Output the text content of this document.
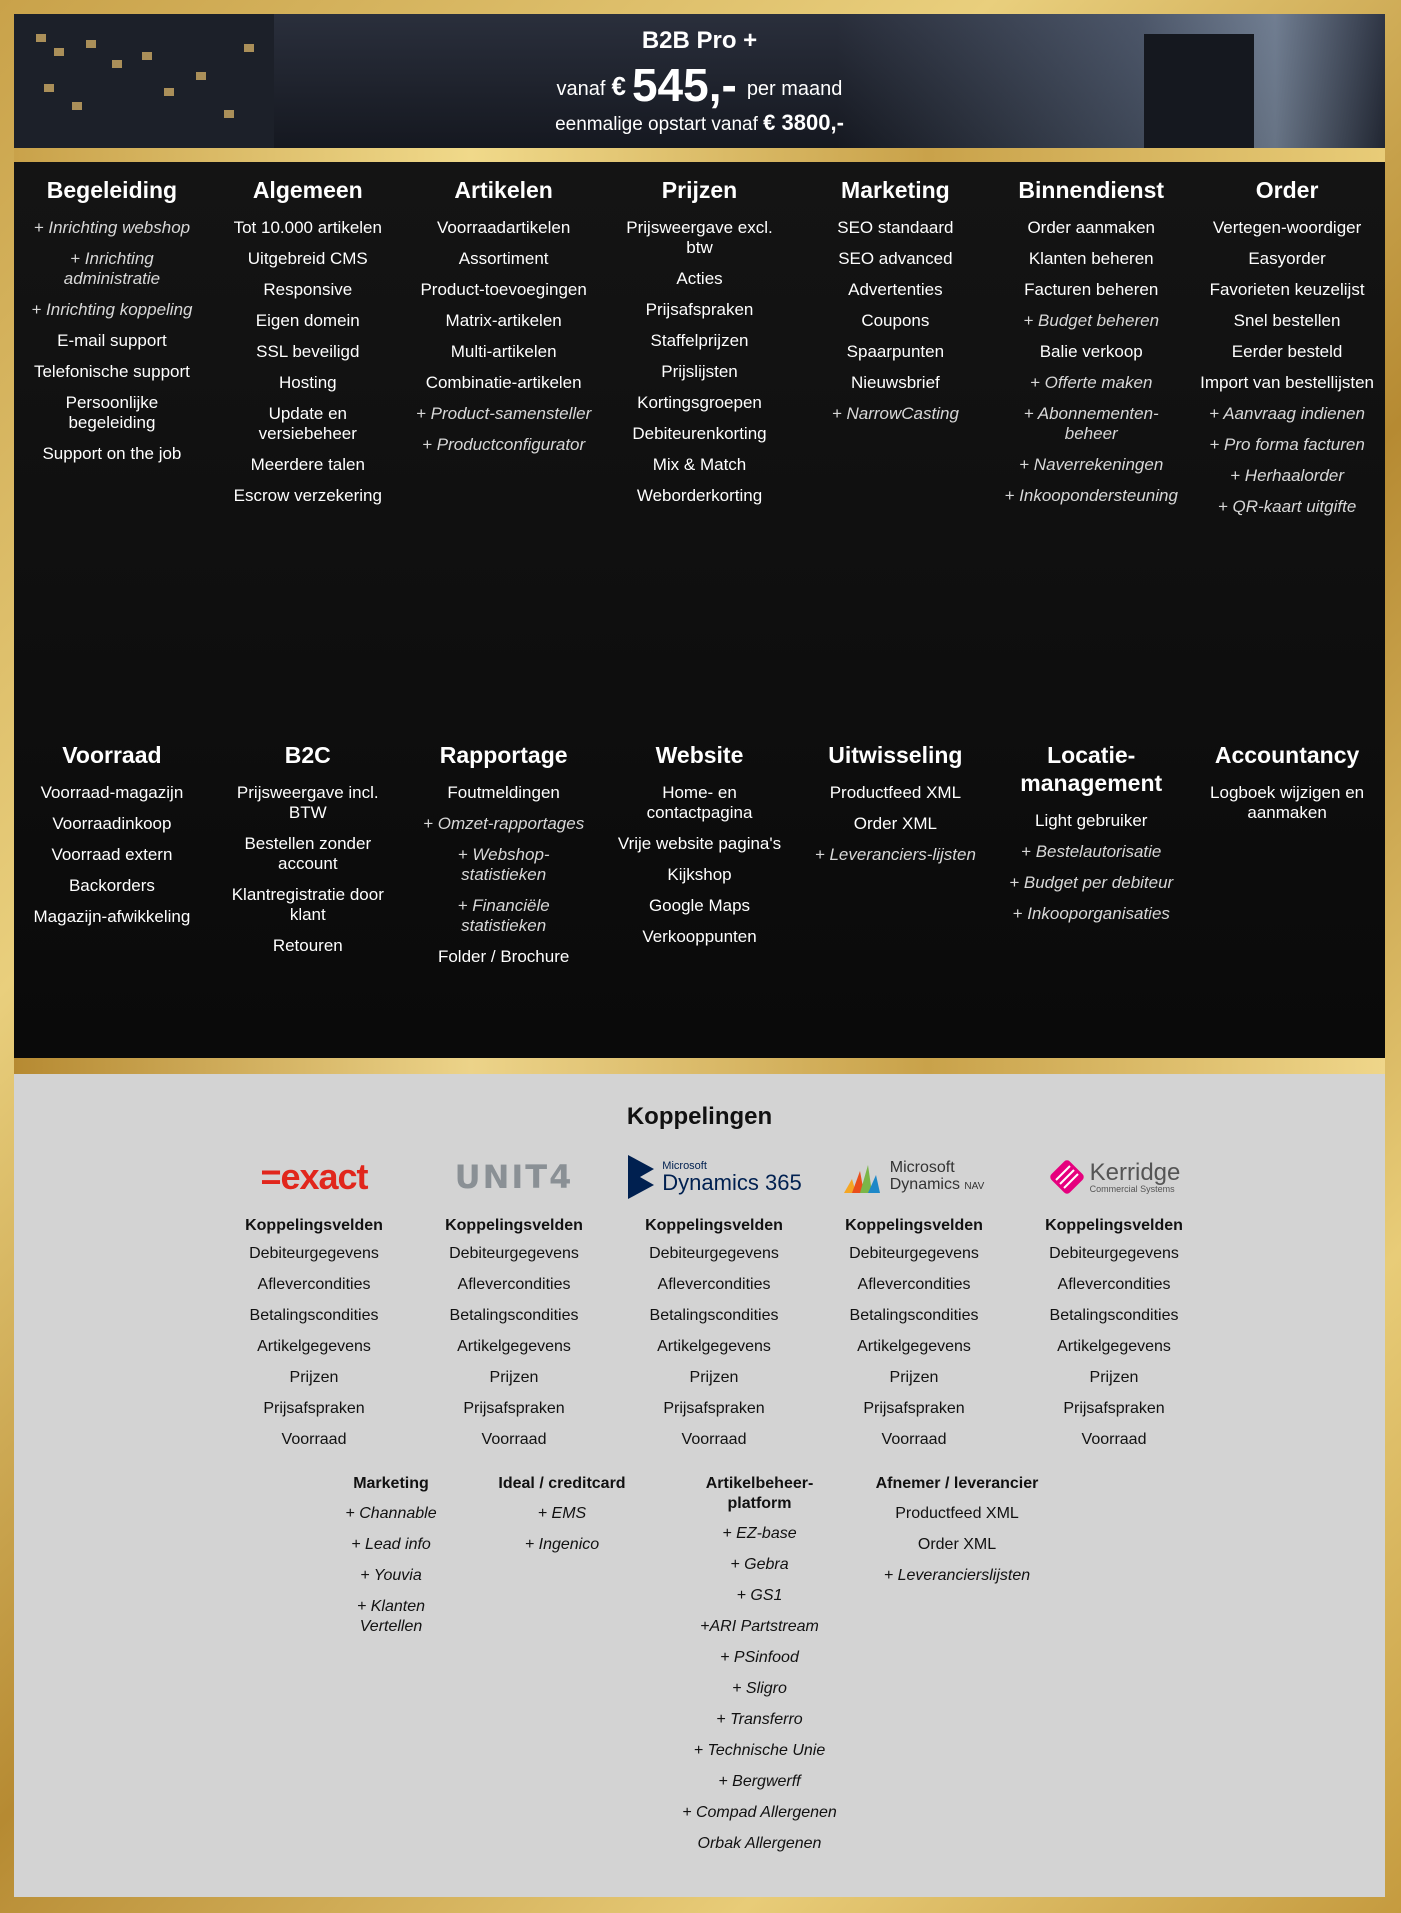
B2B Pro +
vanaf € 545,- per maand
eenmalige opstart vanaf € 3800,-
Begeleiding
+ Inrichting webshop
+ Inrichting administratie
+ Inrichting koppeling
E-mail support
Telefonische support
Persoonlijke begeleiding
Support on the job
Algemeen
Tot 10.000 artikelen
Uitgebreid CMS
Responsive
Eigen domein
SSL beveiligd
Hosting
Update en versiebeheer
Meerdere talen
Escrow verzekering
Artikelen
Voorraadartikelen
Assortiment
Product-toevoegingen
Matrix-artikelen
Multi-artikelen
Combinatie-artikelen
+ Product-samensteller
+ Productconfigurator
Prijzen
Prijsweergave excl. btw
Acties
Prijsafspraken
Staffelprijzen
Prijslijsten
Kortingsgroepen
Debiteurenkorting
Mix & Match
Weborderkorting
Marketing
SEO standaard
SEO advanced
Advertenties
Coupons
Spaarpunten
Nieuwsbrief
+ NarrowCasting
Binnendienst
Order aanmaken
Klanten beheren
Facturen beheren
+ Budget beheren
Balie verkoop
+ Offerte maken
+ Abonnementen-beheer
+ Naverrekeningen
+ Inkoopondersteuning
Order
Vertegen-woordiger
Easyorder
Favorieten keuzelijst
Snel bestellen
Eerder besteld
Import van bestellijsten
+ Aanvraag indienen
+ Pro forma facturen
+ Herhaalorder
+ QR-kaart uitgifte
Voorraad
Voorraad-magazijn
Voorraadinkoop
Voorraad extern
Backorders
Magazijn-afwikkeling
B2C
Prijsweergave incl. BTW
Bestellen zonder account
Klantregistratie door klant
Retouren
Rapportage
Foutmeldingen
+ Omzet-rapportages
+ Webshop-statistieken
+ Financiële statistieken
Folder / Brochure
Website
Home- en contactpagina
Vrije website pagina's
Kijkshop
Google Maps
Verkooppunten
Uitwisseling
Productfeed XML
Order XML
+ Leveranciers-lijsten
Locatie-management
Light gebruiker
+ Bestelautorisatie
+ Budget per debiteur
+ Inkooporganisaties
Accountancy
Logboek wijzigen en aanmaken
Koppelingen
=exact	UNIT4	Microsoft
Dynamics 365
Microsoft
Dynamics NAV
Kerridge
Commercial Systems
Koppelingsvelden
Debiteurgegevens
Aflevercondities
Betalingscondities
Artikelgegevens
Prijzen
Prijsafspraken
Voorraad
Koppelingsvelden
Debiteurgegevens
Aflevercondities
Betalingscondities
Artikelgegevens
Prijzen
Prijsafspraken
Voorraad
Koppelingsvelden
Debiteurgegevens
Aflevercondities
Betalingscondities
Artikelgegevens
Prijzen
Prijsafspraken
Voorraad
Koppelingsvelden
Debiteurgegevens
Aflevercondities
Betalingscondities
Artikelgegevens
Prijzen
Prijsafspraken
Voorraad
Koppelingsvelden
Debiteurgegevens
Aflevercondities
Betalingscondities
Artikelgegevens
Prijzen
Prijsafspraken
Voorraad
Marketing
+ Channable
+ Lead info
+ Youvia
+ Klanten Vertellen
Ideal / creditcard
+ EMS
+ Ingenico
Artikelbeheer-platform
+ EZ-base
+ Gebra
+ GS1
+ARI Partstream
+ PSinfood
+ Sligro
+ Transferro
+ Technische Unie
+ Bergwerff
+ Compad Allergenen
Orbak Allergenen
Afnemer / leverancier
Productfeed XML
Order XML
+ Leverancierslijsten
